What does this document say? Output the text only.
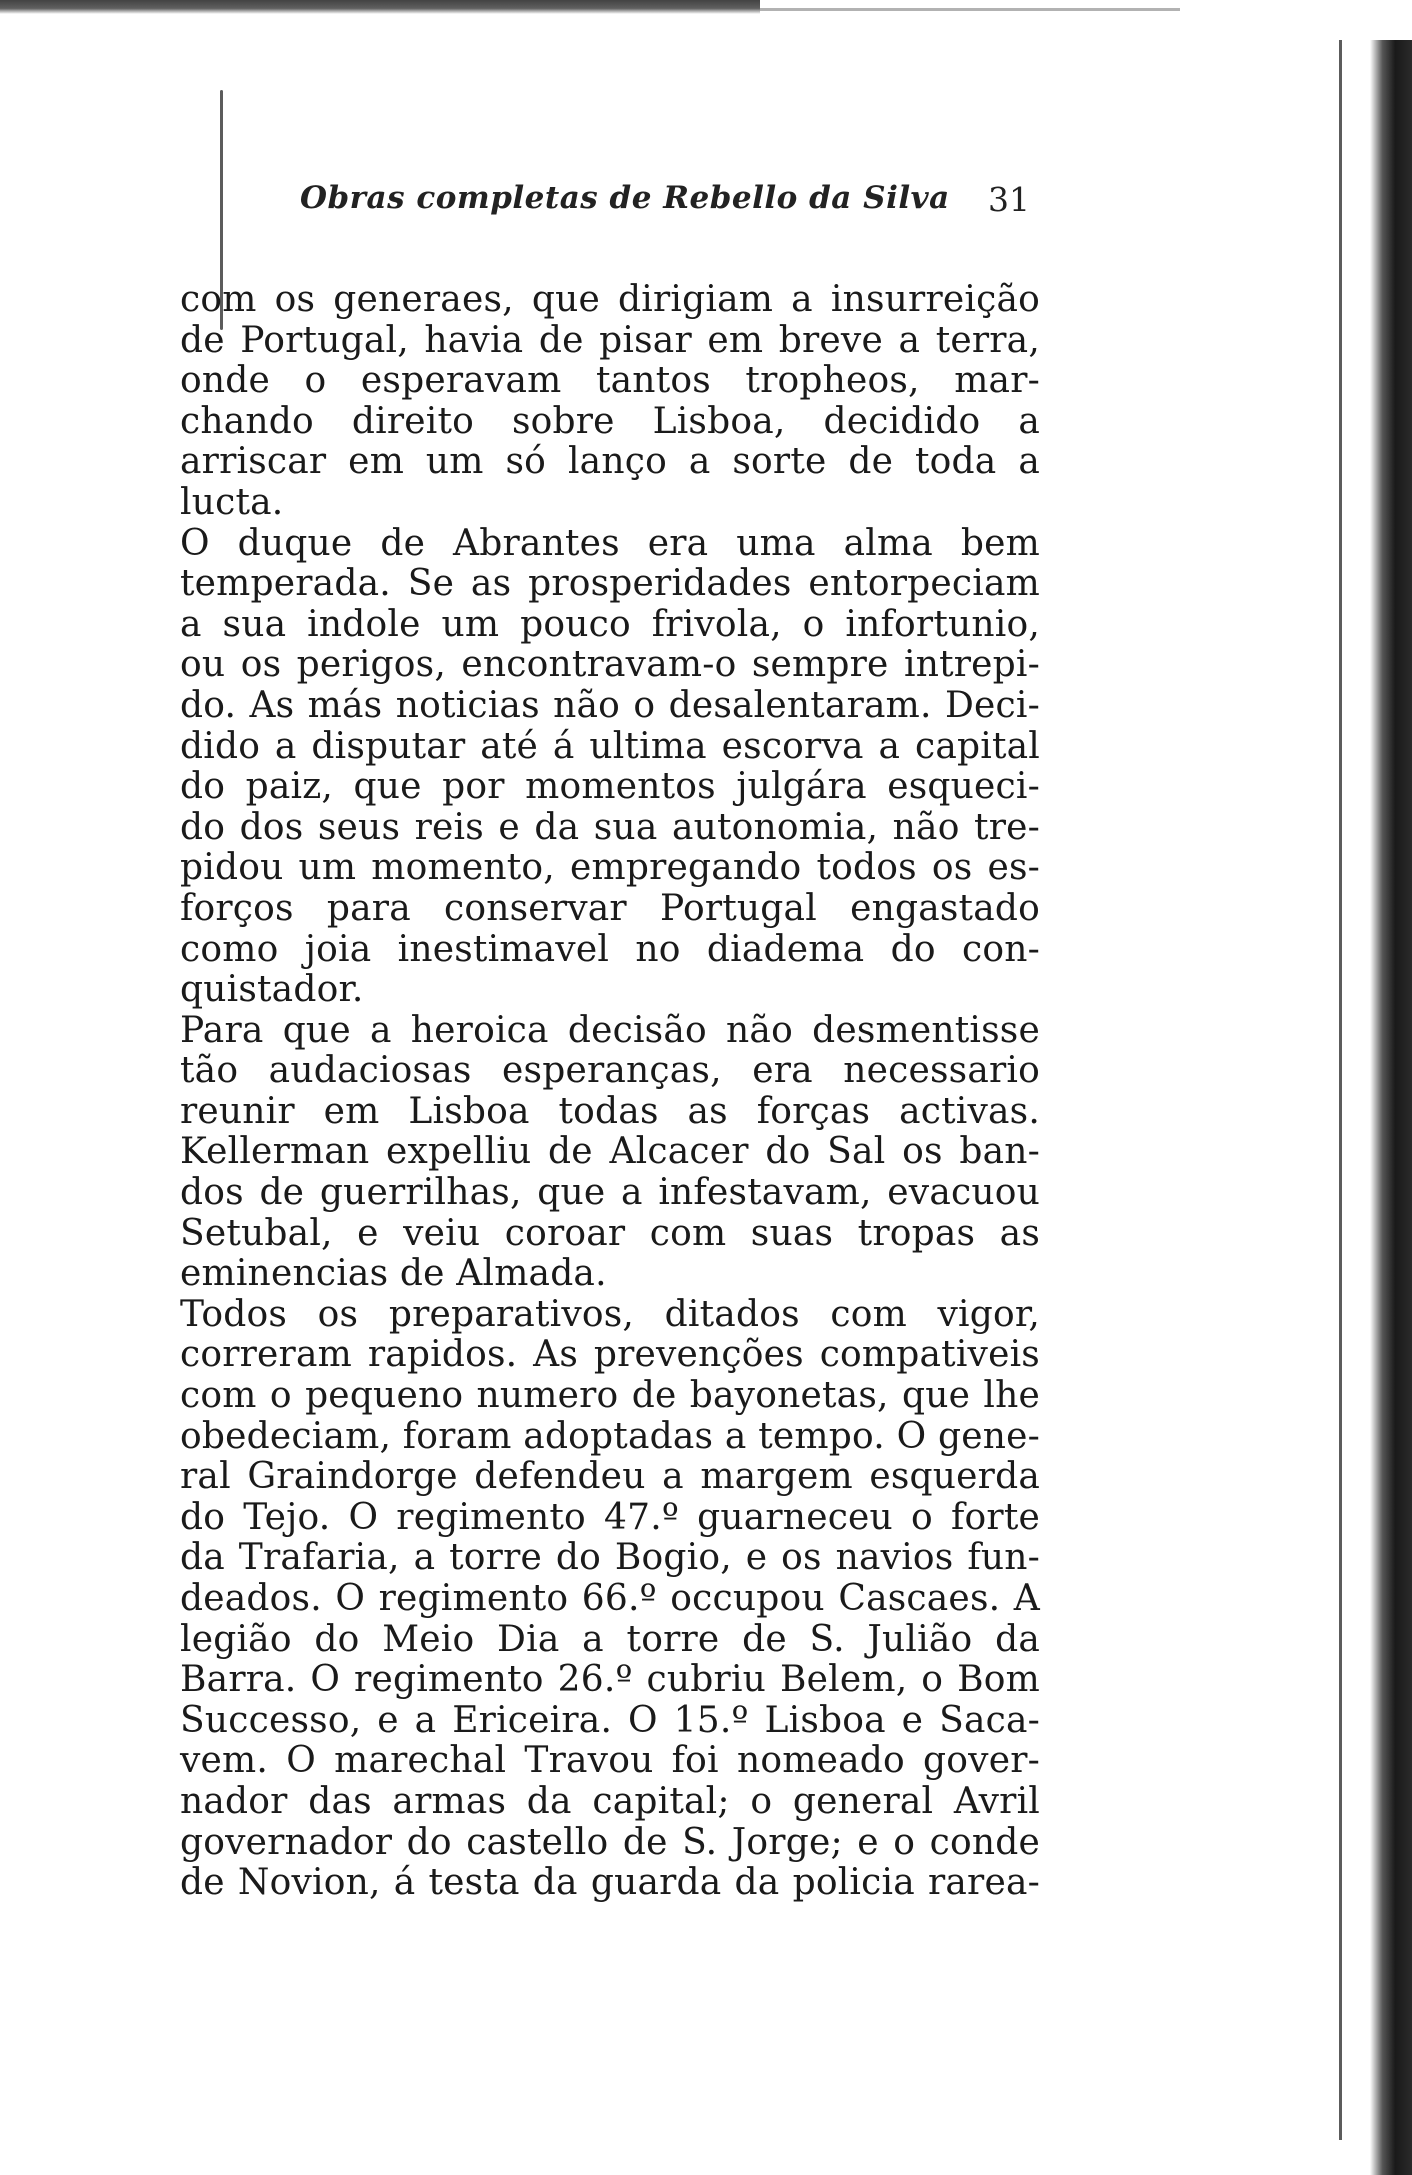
Obras completas de Rebello da Silva 31
com os generaes, que dirigiam a insurreição
de Portugal, havia de pisar em breve a terra,
onde o esperavam tantos tropheos, mar-
chando direito sobre Lisboa, decidido a
arriscar em um só lanço a sorte de toda a
lucta.
O duque de Abrantes era uma alma bem
temperada. Se as prosperidades entorpeciam
a sua indole um pouco frivola, o infortunio,
ou os perigos, encontravam-o sempre intrepi-
do. As más noticias não o desalentaram. Deci-
dido a disputar até á ultima escorva a capital
do paiz, que por momentos julgára esqueci-
do dos seus reis e da sua autonomia, não tre-
pidou um momento, empregando todos os es-
forços para conservar Portugal engastado
como joia inestimavel no diadema do con-
quistador.
Para que a heroica decisão não desmentisse
tão audaciosas esperanças, era necessario
reunir em Lisboa todas as forças activas.
Kellerman expelliu de Alcacer do Sal os ban-
dos de guerrilhas, que a infestavam, evacuou
Setubal, e veiu coroar com suas tropas as
eminencias de Almada.
Todos os preparativos, ditados com vigor,
correram rapidos. As prevenções compativeis
com o pequeno numero de bayonetas, que lhe
obedeciam, foram adoptadas a tempo. O gene-
ral Graindorge defendeu a margem esquerda
do Tejo. O regimento 47.º guarneceu o forte
da Trafaria, a torre do Bogio, e os navios fun-
deados. O regimento 66.º occupou Cascaes. A
legião do Meio Dia a torre de S. Julião da
Barra. O regimento 26.º cubriu Belem, o Bom
Successo, e a Ericeira. O 15.º Lisboa e Saca-
vem. O marechal Travou foi nomeado gover-
nador das armas da capital; o general Avril
governador do castello de S. Jorge; e o conde
de Novion, á testa da guarda da policia rarea-
